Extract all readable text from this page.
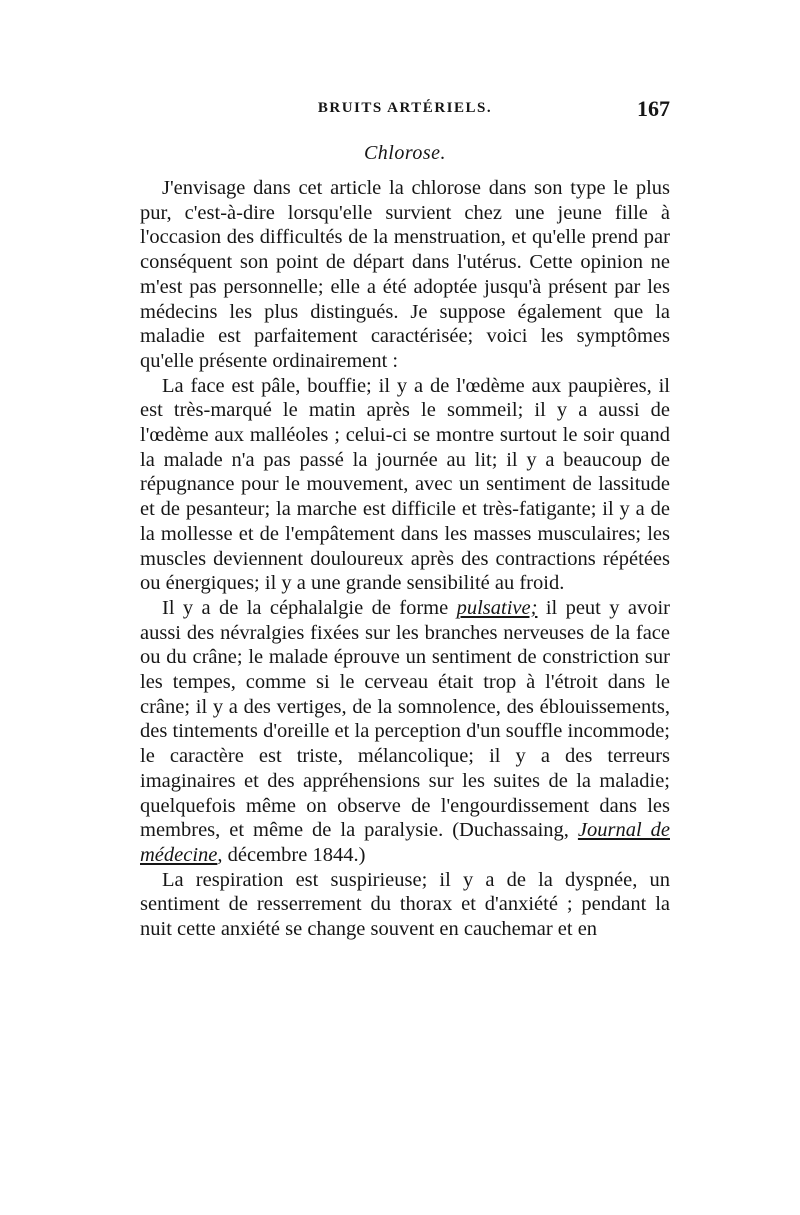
BRUITS ARTÉRIELS.	167
Chlorose.

J'envisage dans cet article la chlorose dans son type le plus pur, c'est-à-dire lorsqu'elle survient chez une jeune fille à l'occasion des difficultés de la menstruation, et qu'elle prend par conséquent son point de départ dans l'utérus. Cette opinion ne m'est pas personnelle; elle a été adoptée jusqu'à présent par les médecins les plus distingués. Je suppose également que la maladie est parfaitement caractérisée; voici les symptômes qu'elle présente ordinairement :

La face est pâle, bouffie; il y a de l'œdème aux paupières, il est très-marqué le matin après le sommeil; il y a aussi de l'œdème aux malléoles ; celui-ci se montre surtout le soir quand la malade n'a pas passé la journée au lit; il y a beaucoup de répugnance pour le mouvement, avec un sentiment de lassitude et de pesanteur; la marche est difficile et très-fatigante; il y a de la mollesse et de l'empâtement dans les masses musculaires; les muscles deviennent douloureux après des contractions répétées ou énergiques; il y a une grande sensibilité au froid.

Il y a de la céphalalgie de forme pulsative; il peut y avoir aussi des névralgies fixées sur les branches nerveuses de la face ou du crâne; le malade éprouve un sentiment de constriction sur les tempes, comme si le cerveau était trop à l'étroit dans le crâne; il y a des vertiges, de la somnolence, des éblouissements, des tintements d'oreille et la perception d'un souffle incommode; le caractère est triste, mélancolique; il y a des terreurs imaginaires et des appréhensions sur les suites de la maladie; quelquefois même on observe de l'engourdissement dans les membres, et même de la paralysie. (Duchassaing, Journal de médecine, décembre 1844.)

La respiration est suspirieuse; il y a de la dyspnée, un sentiment de resserrement du thorax et d'anxiété ; pendant la nuit cette anxiété se change souvent en cauchemar et en
